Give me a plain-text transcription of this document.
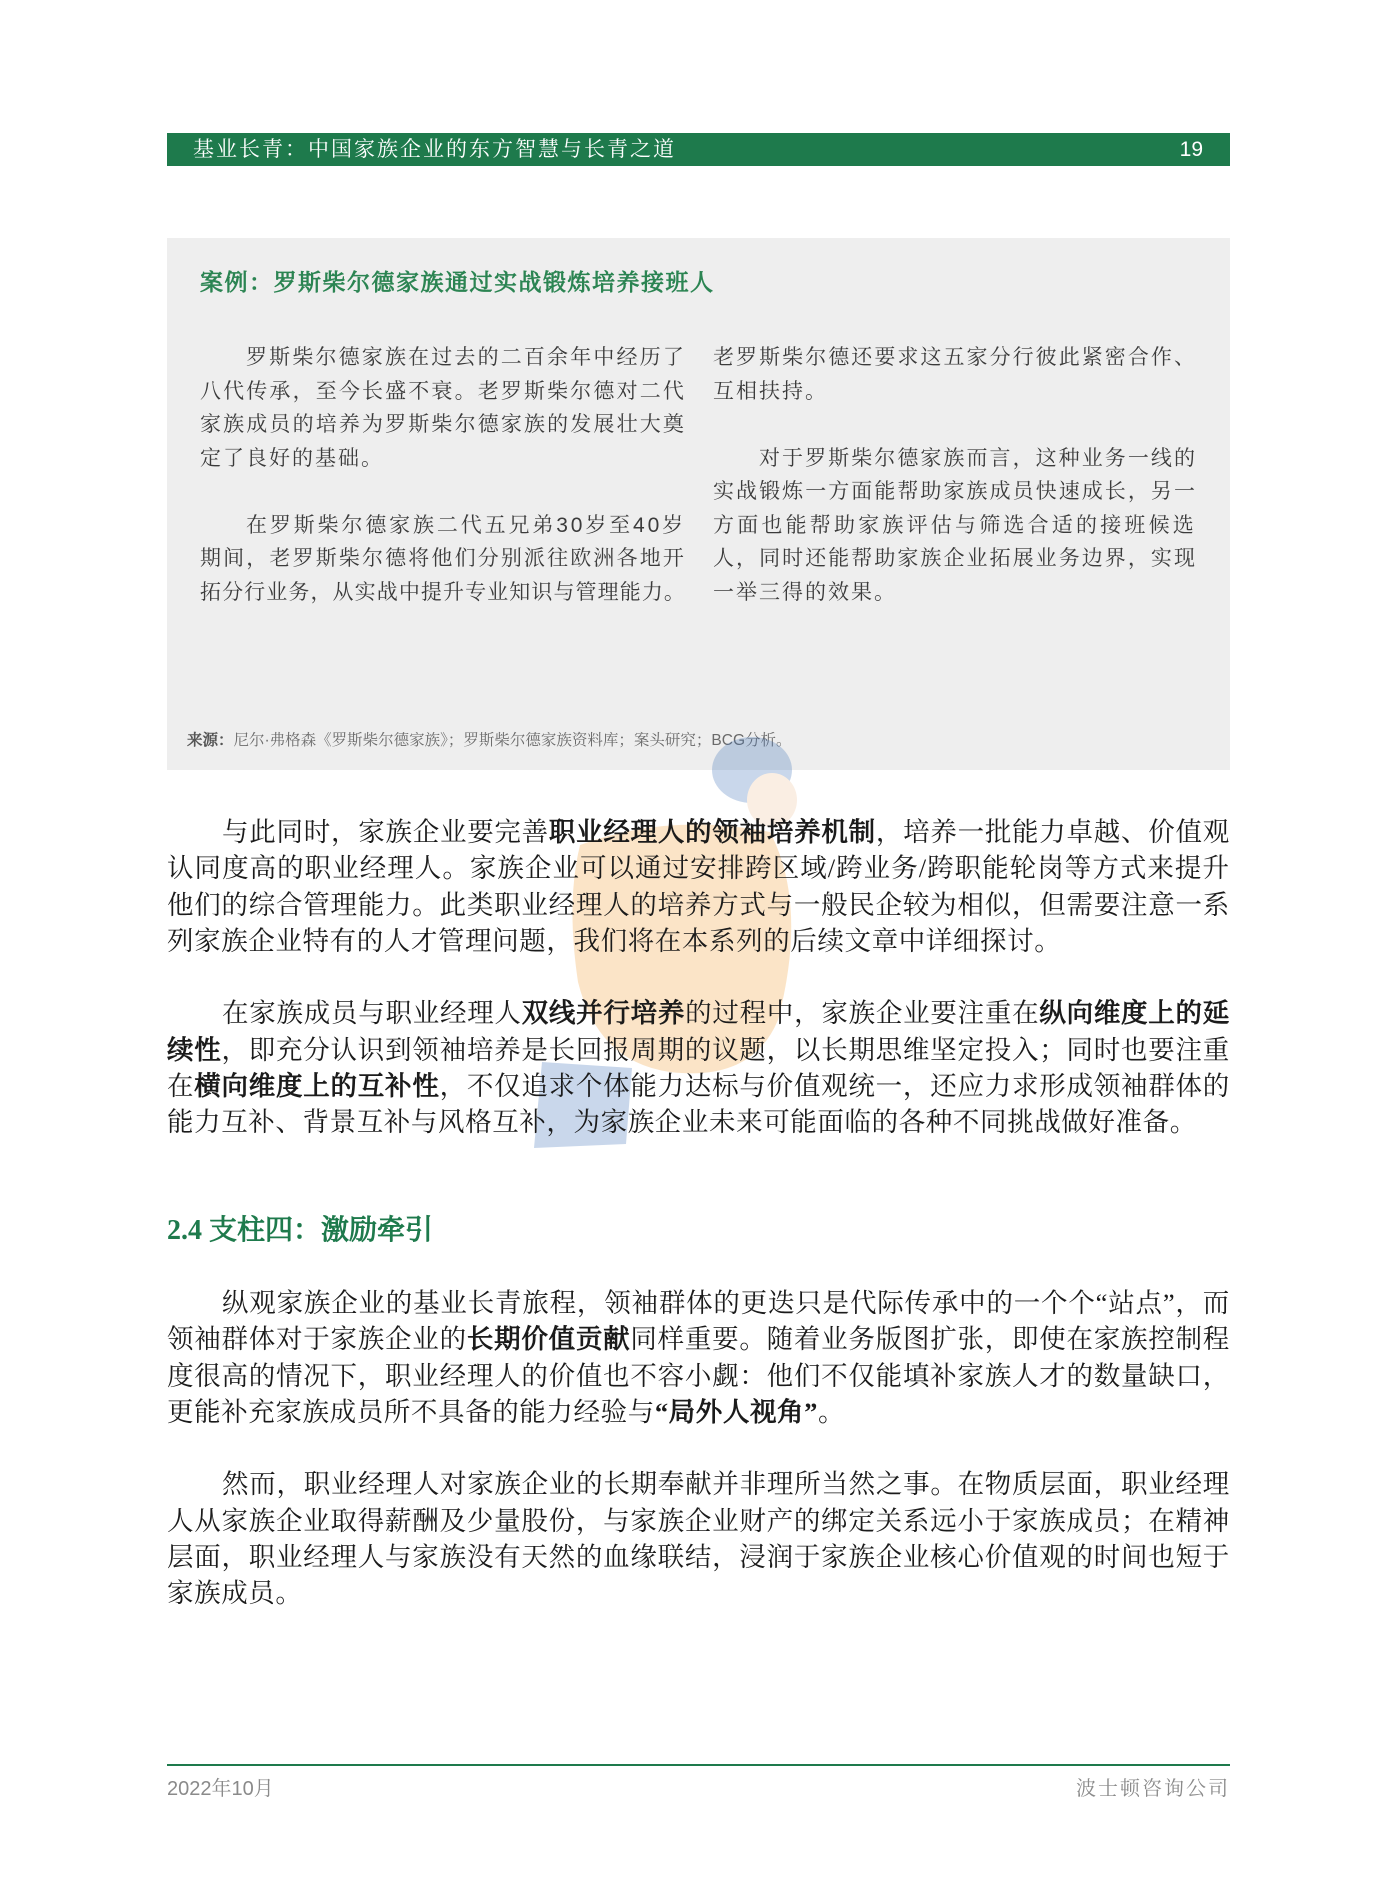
基业长青：中国家族企业的东方智慧与长青之道	19
案例：罗斯柴尔德家族通过实战锻炼培养接班人
罗斯柴尔德家族在过去的二百余年中经历了
八代传承，至今长盛不衰。老罗斯柴尔德对二代
家族成员的培养为罗斯柴尔德家族的发展壮大奠
定了良好的基础。
在罗斯柴尔德家族二代五兄弟30岁至40岁
期间，老罗斯柴尔德将他们分别派往欧洲各地开
拓分行业务，从实战中提升专业知识与管理能力。
老罗斯柴尔德还要求这五家分行彼此紧密合作、
互相扶持。
对于罗斯柴尔德家族而言，这种业务一线的
实战锻炼一方面能帮助家族成员快速成长，另一
方面也能帮助家族评估与筛选合适的接班候选
人，同时还能帮助家族企业拓展业务边界，实现
一举三得的效果。
来源：尼尔·弗格森《罗斯柴尔德家族》；罗斯柴尔德家族资料库；案头研究；BCG分析。
与此同时，家族企业要完善职业经理人的领袖培养机制，培养一批能力卓越、价值观
认同度高的职业经理人。家族企业可以通过安排跨区域/跨业务/跨职能轮岗等方式来提升
他们的综合管理能力。此类职业经理人的培养方式与一般民企较为相似，但需要注意一系
列家族企业特有的人才管理问题，我们将在本系列的后续文章中详细探讨。
在家族成员与职业经理人双线并行培养的过程中，家族企业要注重在纵向维度上的延
续性，即充分认识到领袖培养是长回报周期的议题，以长期思维坚定投入；同时也要注重
在横向维度上的互补性，不仅追求个体能力达标与价值观统一，还应力求形成领袖群体的
能力互补、背景互补与风格互补，为家族企业未来可能面临的各种不同挑战做好准备。
2.4 支柱四：激励牵引
纵观家族企业的基业长青旅程，领袖群体的更迭只是代际传承中的一个个“站点”，而
领袖群体对于家族企业的长期价值贡献同样重要。随着业务版图扩张，即使在家族控制程
度很高的情况下，职业经理人的价值也不容小觑：他们不仅能填补家族人才的数量缺口，
更能补充家族成员所不具备的能力经验与“局外人视角”。
然而，职业经理人对家族企业的长期奉献并非理所当然之事。在物质层面，职业经理
人从家族企业取得薪酬及少量股份，与家族企业财产的绑定关系远小于家族成员；在精神
层面，职业经理人与家族没有天然的血缘联结，浸润于家族企业核心价值观的时间也短于
家族成员。
2022年10月	波士顿咨询公司
